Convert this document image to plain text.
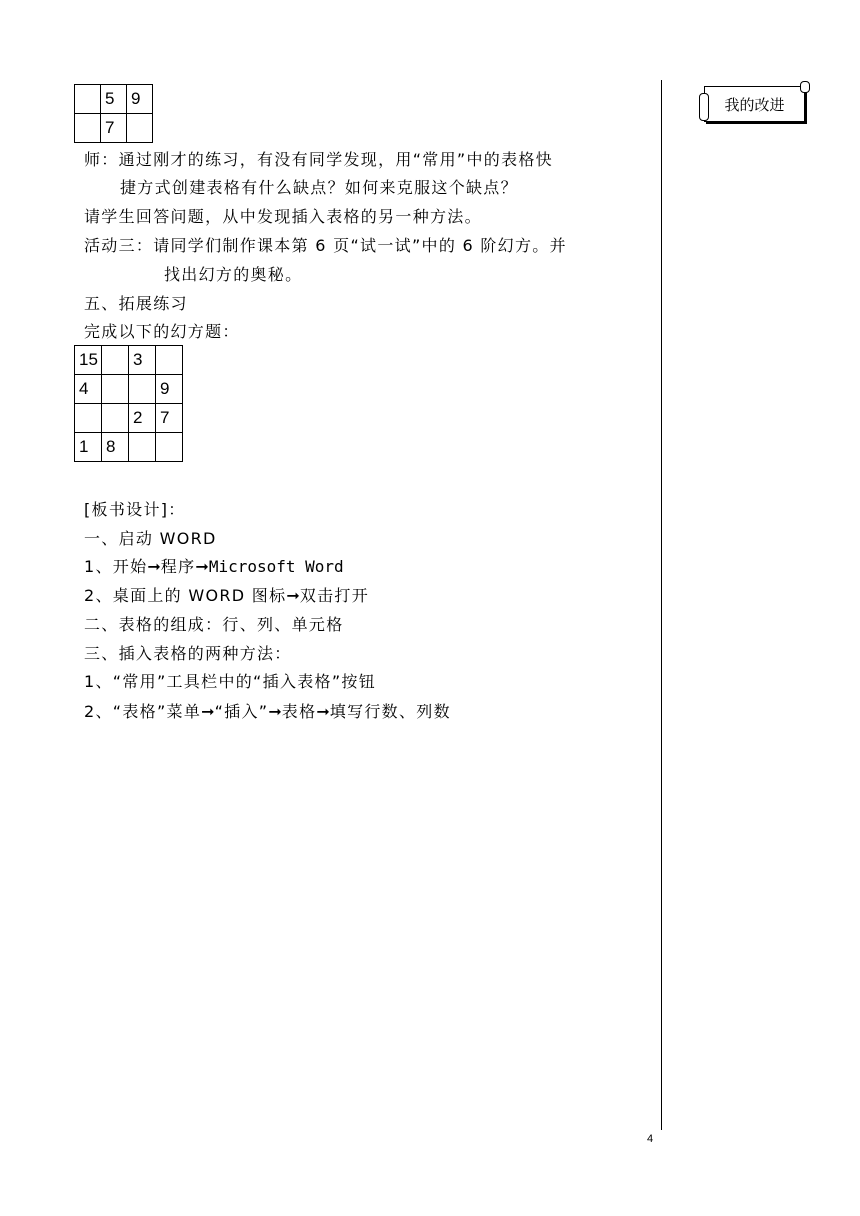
我的改进
	5	9
	7	
师：通过刚才的练习，有没有同学发现，用“常用”中的表格快
捷方式创建表格有什么缺点？如何来克服这个缺点？
请学生回答问题，从中发现插入表格的另一种方法。
活动三：请同学们制作课本第 6 页“试一试”中的 6 阶幻方。并
找出幻方的奥秘。
五、拓展练习
完成以下的幻方题：
15		3	
4			9
		2	7
1	8		
[板书设计]：
一、启动 WORD
1、开始➞程序➞Microsoft Word
2、桌面上的 WORD 图标➞双击打开
二、表格的组成：行、列、单元格
三、插入表格的两种方法：
1、“常用”工具栏中的“插入表格”按钮
2、“表格”菜单➞“插入”➞表格➞填写行数、列数
4
